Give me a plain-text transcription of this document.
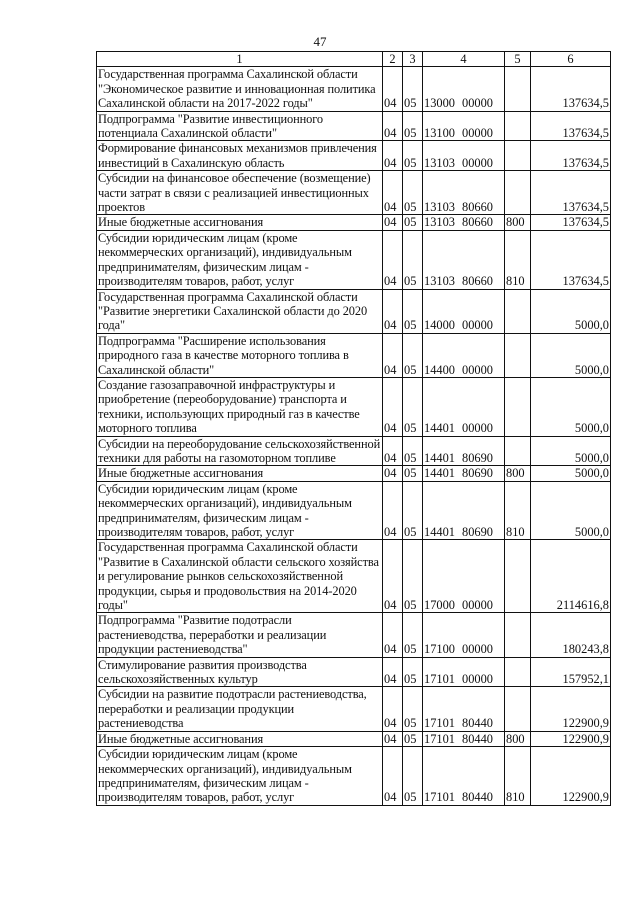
47
1	2	3	4	5	6
Государственная программа Сахалинской области "Экономическое развитие и инновационная политика Сахалинской области на 2017-2022 годы"	04	05	13000 00000		137634,5
Подпрограмма "Развитие инвестиционного потенциала Сахалинской области"	04	05	13100 00000		137634,5
Формирование финансовых механизмов привлечения инвестиций в Сахалинскую область	04	05	13103 00000		137634,5
Субсидии на финансовое обеспечение (возмещение) части затрат в связи с реализацией инвестиционных проектов	04	05	13103 80660		137634,5
Иные бюджетные ассигнования	04	05	13103 80660	800	137634,5
Субсидии юридическим лицам (кроме некоммерческих организаций), индивидуальным предпринимателям, физическим лицам - производителям товаров, работ, услуг	04	05	13103 80660	810	137634,5
Государственная программа Сахалинской области "Развитие энергетики Сахалинской области до 2020 года"	04	05	14000 00000		5000,0
Подпрограмма "Расширение использования природного газа в качестве моторного топлива в Сахалинской области"	04	05	14400 00000		5000,0
Создание газозаправочной инфраструктуры и приобретение (переоборудование) транспорта и техники, использующих природный газ в качестве моторного топлива	04	05	14401 00000		5000,0
Субсидии на переоборудование сельскохозяйственной техники для работы на газомоторном топливе	04	05	14401 80690		5000,0
Иные бюджетные ассигнования	04	05	14401 80690	800	5000,0
Субсидии юридическим лицам (кроме некоммерческих организаций), индивидуальным предпринимателям, физическим лицам - производителям товаров, работ, услуг	04	05	14401 80690	810	5000,0
Государственная программа Сахалинской области "Развитие в Сахалинской области сельского хозяйства и регулирование рынков сельскохозяйственной продукции, сырья и продовольствия на 2014-2020 годы"	04	05	17000 00000		2114616,8
Подпрограмма "Развитие подотрасли растениеводства, переработки и реализации продукции растениеводства"	04	05	17100 00000		180243,8
Стимулирование развития производства сельскохозяйственных культур	04	05	17101 00000		157952,1
Субсидии на развитие подотрасли растениеводства, переработки и реализации продукции растениеводства	04	05	17101 80440		122900,9
Иные бюджетные ассигнования	04	05	17101 80440	800	122900,9
Субсидии юридическим лицам (кроме некоммерческих организаций), индивидуальным предпринимателям, физическим лицам - производителям товаров, работ, услуг	04	05	17101 80440	810	122900,9
